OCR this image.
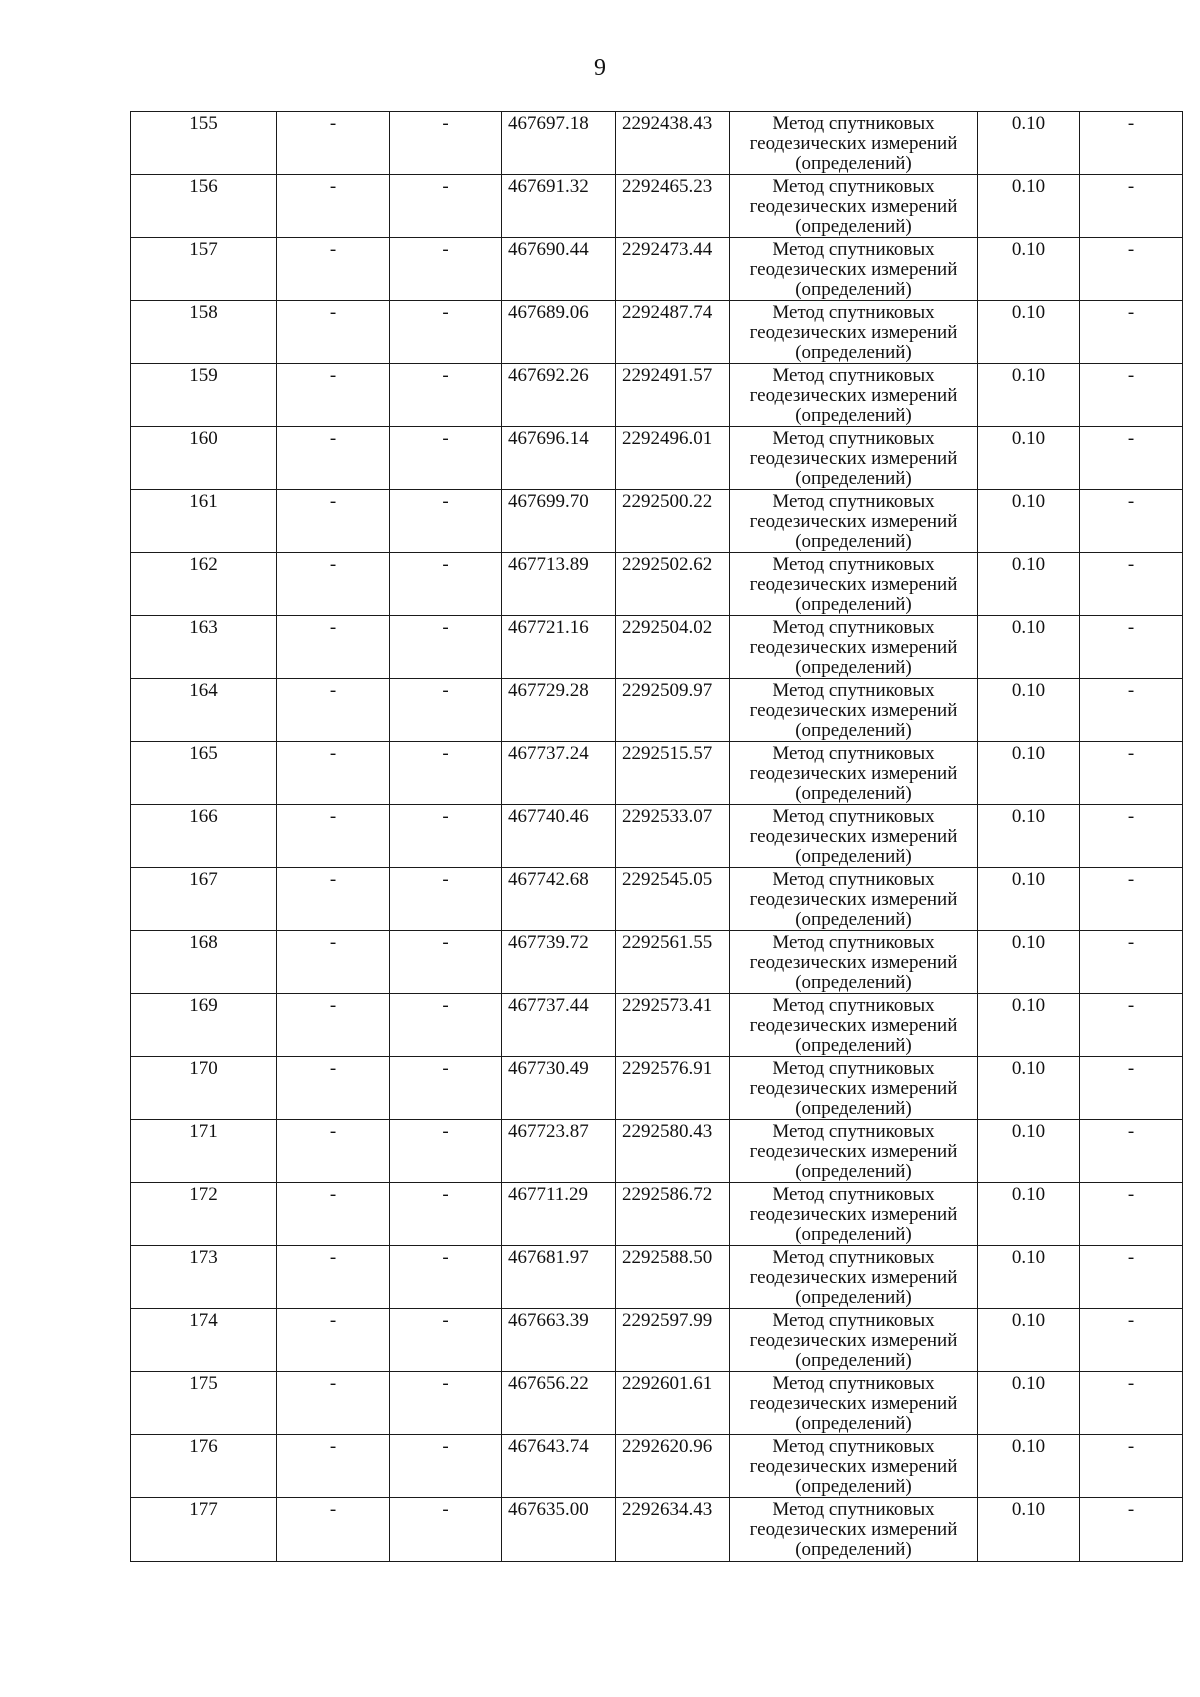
9
155	-	-	467697.18	2292438.43	Метод спутниковых геодезических измерений (определений)	0.10	-
156	-	-	467691.32	2292465.23	Метод спутниковых геодезических измерений (определений)	0.10	-
157	-	-	467690.44	2292473.44	Метод спутниковых геодезических измерений (определений)	0.10	-
158	-	-	467689.06	2292487.74	Метод спутниковых геодезических измерений (определений)	0.10	-
159	-	-	467692.26	2292491.57	Метод спутниковых геодезических измерений (определений)	0.10	-
160	-	-	467696.14	2292496.01	Метод спутниковых геодезических измерений (определений)	0.10	-
161	-	-	467699.70	2292500.22	Метод спутниковых геодезических измерений (определений)	0.10	-
162	-	-	467713.89	2292502.62	Метод спутниковых геодезических измерений (определений)	0.10	-
163	-	-	467721.16	2292504.02	Метод спутниковых геодезических измерений (определений)	0.10	-
164	-	-	467729.28	2292509.97	Метод спутниковых геодезических измерений (определений)	0.10	-
165	-	-	467737.24	2292515.57	Метод спутниковых геодезических измерений (определений)	0.10	-
166	-	-	467740.46	2292533.07	Метод спутниковых геодезических измерений (определений)	0.10	-
167	-	-	467742.68	2292545.05	Метод спутниковых геодезических измерений (определений)	0.10	-
168	-	-	467739.72	2292561.55	Метод спутниковых геодезических измерений (определений)	0.10	-
169	-	-	467737.44	2292573.41	Метод спутниковых геодезических измерений (определений)	0.10	-
170	-	-	467730.49	2292576.91	Метод спутниковых геодезических измерений (определений)	0.10	-
171	-	-	467723.87	2292580.43	Метод спутниковых геодезических измерений (определений)	0.10	-
172	-	-	467711.29	2292586.72	Метод спутниковых геодезических измерений (определений)	0.10	-
173	-	-	467681.97	2292588.50	Метод спутниковых геодезических измерений (определений)	0.10	-
174	-	-	467663.39	2292597.99	Метод спутниковых геодезических измерений (определений)	0.10	-
175	-	-	467656.22	2292601.61	Метод спутниковых геодезических измерений (определений)	0.10	-
176	-	-	467643.74	2292620.96	Метод спутниковых геодезических измерений (определений)	0.10	-
177	-	-	467635.00	2292634.43	Метод спутниковых геодезических измерений (определений)	0.10	-
